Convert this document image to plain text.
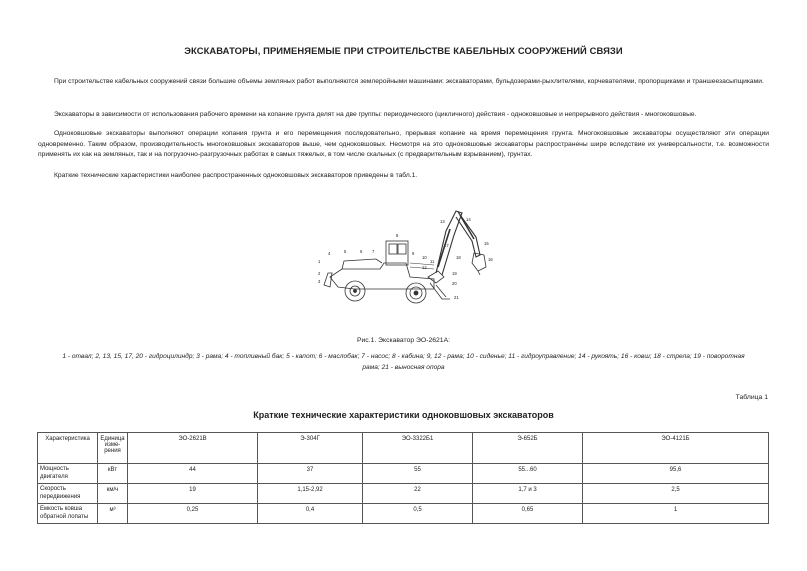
ЭКСКАВАТОРЫ, ПРИМЕНЯЕМЫЕ ПРИ СТРОИТЕЛЬСТВЕ КАБЕЛЬНЫХ СООРУЖЕНИЙ СВЯЗИ

При строительстве кабельных сооружений связи большие объемы земляных работ выполняются землеройными машинами: экскаваторами, бульдозерами-рыхлителями, корчевателями, пропорщиками и траншеезасыпщиками.

Экскаваторы в зависимости от использования рабочего времени на копание грунта делят на две группы: периодического (цикличного) действия - одноковшовые и непрерывного действия - многоковшовые.

Одноковшовые экскаваторы выполняют операции копания грунта и его перемещения последовательно, прерывая копание на время перемещения грунта. Многоковшовые экскаваторы осуществляют эти операции одновременно. Таким образом, производительность многоковшовых экскаваторов выше, чем одноковшовых. Несмотря на это одноковшовые экскаваторы распространены шире вследствие их универсальности, т.е. возможности применять их как на земляных, так и на погрузочно-разгрузочных работах в самых тяжелых, в том числе скальных (с предварительным взрыванием), грунтах.

Краткие технические характеристики наиболее распространенных одноковшовых экскаваторов приведены в табл.1.

1
2
3
4	5	6 7
8
9
10
11
12
13	14
15
16
17
18
19
20
21
Рис.1. Экскаватор ЭО-2621А:
1 - отвал; 2, 13, 15, 17, 20 - гидроцилиндр; 3 - рама; 4 - топливный бак; 5 - капот; 6 - маслобак; 7 - насос; 8 - кабина; 9, 12 - рама; 10 - сиденье; 11 - гидроуправление; 14 - рукоять; 16 - ковш; 18 - стрела; 19 - поворотная
рама; 21 - выносная опора
Таблица 1
Краткие технические характеристики одноковшовых экскаваторов
Характеристика	Единица изме-рения	ЭО-2621В	Э-304Г	ЭО-3322Б1	Э-652Б	ЭО-4121Б
Мощность двигателя	кВт	44	37	55	55...60	95,6
Скорость передвижения	км/ч	19	1,15-2,92	22	1,7 и 3	2,5
Емкость ковша обратной лопаты	м³	0,25	0,4	0,5	0,65	1
